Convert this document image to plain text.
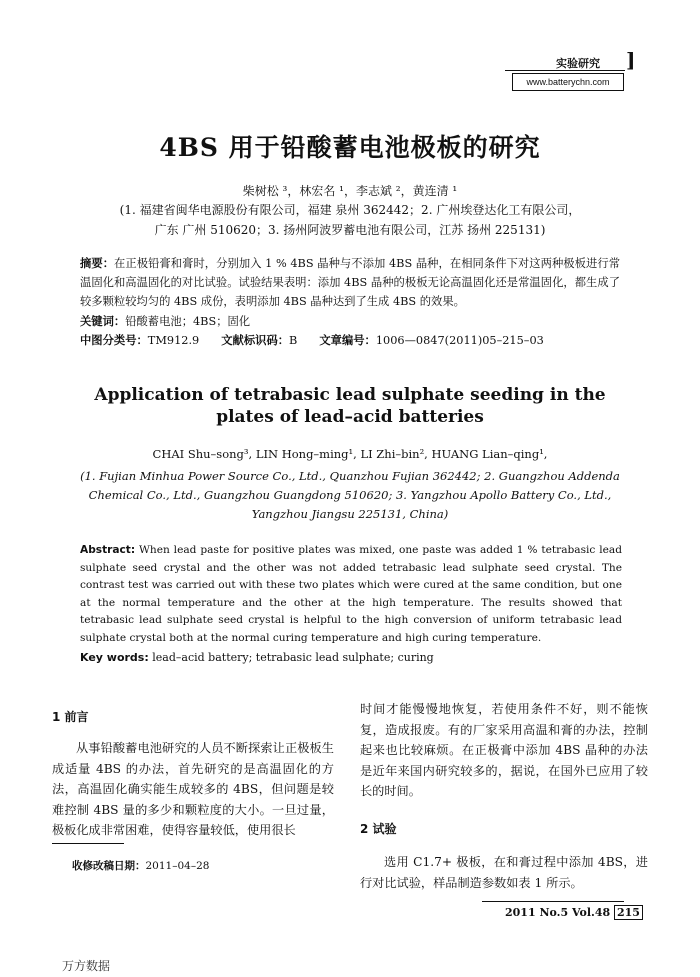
实验研究 ]
www.batterychn.com
4BS 用于铅酸蓄电池极板的研究
柴树松 ³，林宏名 ¹，李志斌 ²，黄连清 ¹
(1. 福建省闽华电源股份有限公司，福建 泉州 362442；2. 广州埃登达化工有限公司，
广东 广州 510620；3. 扬州阿波罗蓄电池有限公司，江苏 扬州 225131)
摘要：在正极铅膏和膏时，分别加入 1 % 4BS 晶种与不添加 4BS 晶种，在相同条件下对这两种极板进行常温固化和高温固化的对比试验。试验结果表明：添加 4BS 晶种的极板无论高温固化还是常温固化，都生成了较多颗粒较均匀的 4BS 成份，表明添加 4BS 晶种达到了生成 4BS 的效果。
关键词：铅酸蓄电池；4BS；固化
中图分类号：TM912.9 文献标识码：B 文章编号：1006—0847(2011)05–215–03
Application of tetrabasic lead sulphate seeding in the
plates of lead–acid batteries
CHAI Shu–song³, LIN Hong–ming¹, LI Zhi–bin², HUANG Lian–qing¹,
(1. Fujian Minhua Power Source Co., Ltd., Quanzhou Fujian 362442; 2. Guangzhou Addenda
Chemical Co., Ltd., Guangzhou Guangdong 510620; 3. Yangzhou Apollo Battery Co., Ltd.,
Yangzhou Jiangsu 225131, China)
Abstract: When lead paste for positive plates was mixed, one paste was added 1 % tetrabasic lead sulphate seed crystal and the other was not added tetrabasic lead sulphate seed crystal. The contrast test was carried out with these two plates which were cured at the same condition, but one at the normal temperature and the other at the high temperature. The results showed that tetrabasic lead sulphate seed crystal is helpful to the high conversion of uniform tetrabasic lead sulphate crystal both at the normal curing temperature and high curing temperature.
Key words: lead–acid battery; tetrabasic lead sulphate; curing
1 前言
从事铅酸蓄电池研究的人员不断探索让正极板生成适量 4BS 的办法，首先研究的是高温固化的方法，高温固化确实能生成较多的 4BS，但问题是较难控制 4BS 量的多少和颗粒度的大小。一旦过量，极板化成非常困难，使得容量较低，使用很长
时间才能慢慢地恢复，若使用条件不好，则不能恢复，造成报废。有的厂家采用高温和膏的办法，控制起来也比较麻烦。在正极膏中添加 4BS 晶种的办法是近年来国内研究较多的，据说，在国外已应用了较长的时间。
2 试验
选用 C1.7+ 极板，在和膏过程中添加 4BS，进行对比试验，样品制造参数如表 1 所示。
收修改稿日期：2011–04–28
2011 No.5 Vol.48 215
万方数据
